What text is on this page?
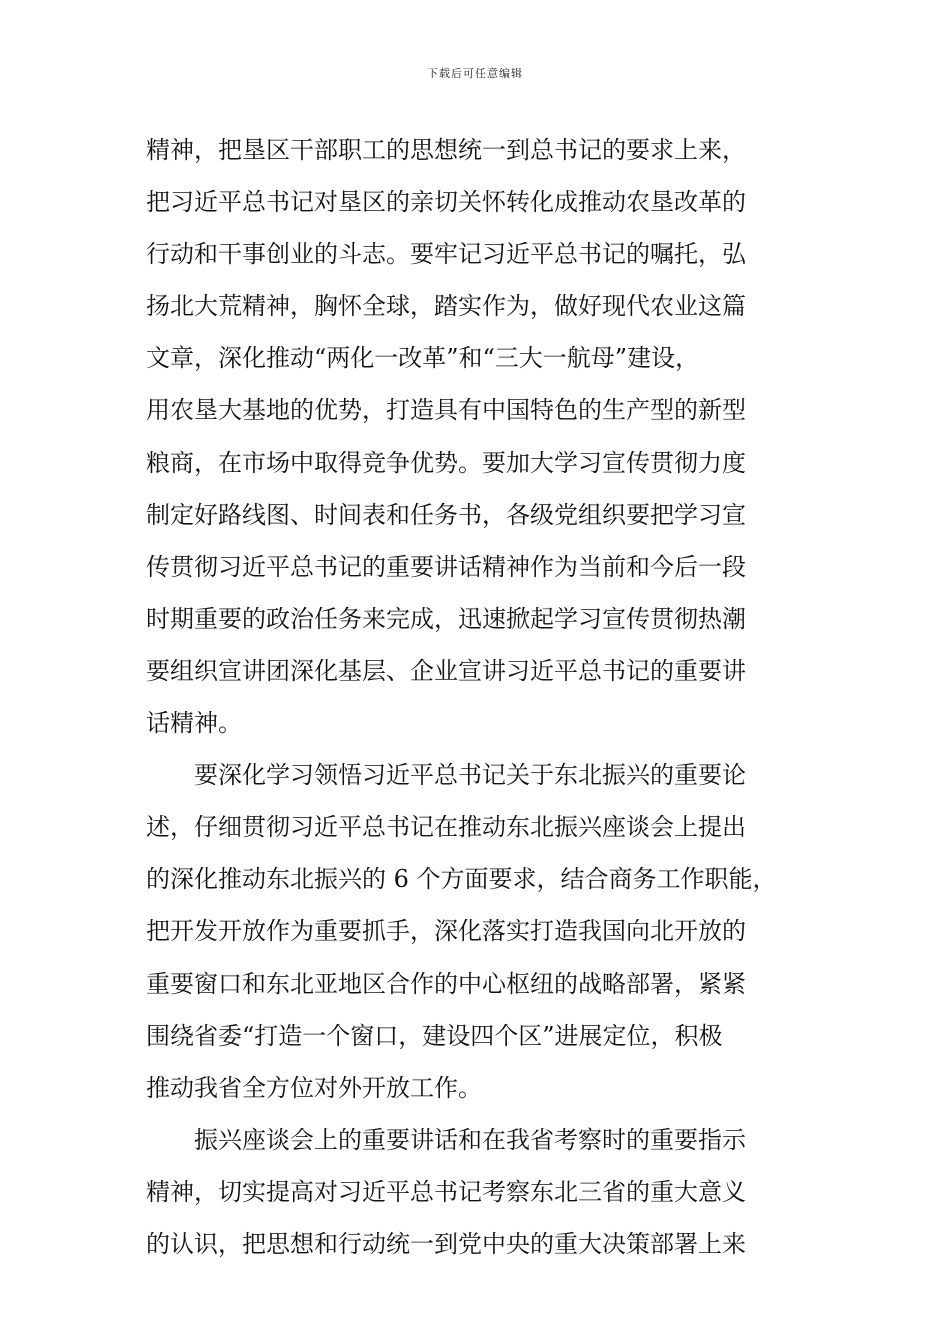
下载后可任意编辑
精神，把垦区干部职工的思想统一到总书记的要求上来，
把习近平总书记对垦区的亲切关怀转化成推动农垦改革的
行动和干事创业的斗志。要牢记习近平总书记的嘱托，弘
扬北大荒精神，胸怀全球，踏实作为，做好现代农业这篇
文章，深化推动“两化一改革”和“三大一航母”建设，
用农垦大基地的优势，打造具有中国特色的生产型的新型
粮商，在市场中取得竞争优势。要加大学习宣传贯彻力度
制定好路线图、时间表和任务书，各级党组织要把学习宣
传贯彻习近平总书记的重要讲话精神作为当前和今后一段
时期重要的政治任务来完成，迅速掀起学习宣传贯彻热潮
要组织宣讲团深化基层、企业宣讲习近平总书记的重要讲
话精神。
　　要深化学习领悟习近平总书记关于东北振兴的重要论
述，仔细贯彻习近平总书记在推动东北振兴座谈会上提出
的深化推动东北振兴的 6 个方面要求，结合商务工作职能，
把开发开放作为重要抓手，深化落实打造我国向北开放的
重要窗口和东北亚地区合作的中心枢纽的战略部署，紧紧
围绕省委“打造一个窗口，建设四个区”进展定位，积极
推动我省全方位对外开放工作。
　　振兴座谈会上的重要讲话和在我省考察时的重要指示
精神，切实提高对习近平总书记考察东北三省的重大意义
的认识，把思想和行动统一到党中央的重大决策部署上来
